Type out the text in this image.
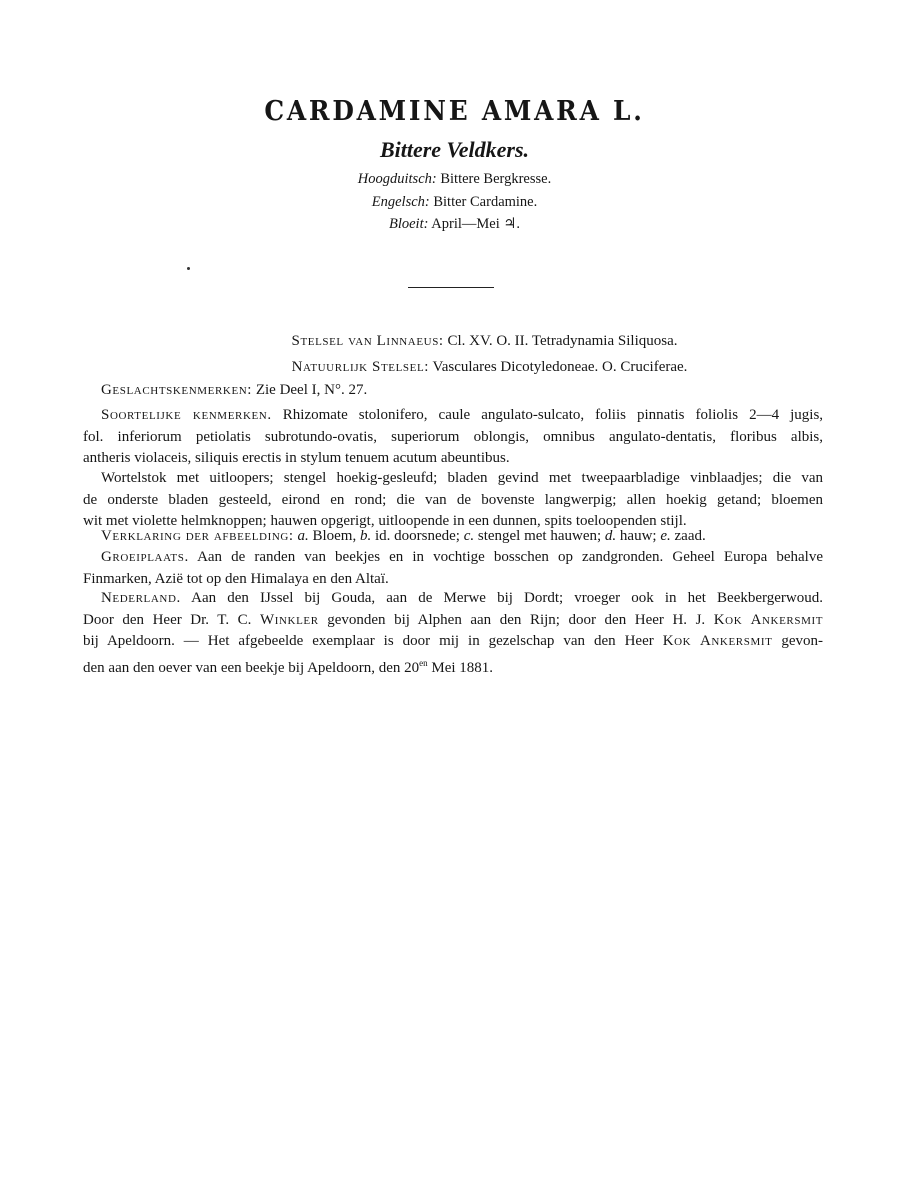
CARDAMINE AMARA L.
Bittere Veldkers.
Hoogduitsch: Bittere Bergkresse.
Engelsch: Bitter Cardamine.
Bloeit: April—Mei ♃.
Stelsel van Linnaeus: Cl. XV. O. II. Tetradynamia Siliquosa.
Natuurlijk Stelsel: Vasculares Dicotyledoneae. O. Cruciferae.
Geslachtskenmerken: Zie Deel I, N°. 27.
Soortelijke kenmerken. Rhizomate stolonifero, caule angulato-sulcato, foliis pinnatis foliolis 2—4 jugis,
fol. inferiorum petiolatis subrotundo-ovatis, superiorum oblongis, omnibus angulato-dentatis, floribus albis,
antheris violaceis, siliquis erectis in stylum tenuem acutum abeuntibus.
Wortelstok met uitloopers; stengel hoekig-gesleufd; bladen gevind met tweepaarbladige vinblaadjes; die van
de onderste bladen gesteeld, eirond en rond; die van de bovenste langwerpig; allen hoekig getand; bloemen
wit met violette helmknoppen; hauwen opgerigt, uitloopende in een dunnen, spits toeloopenden stijl.
Verklaring der afbeelding: a. Bloem, b. id. doorsnede; c. stengel met hauwen; d. hauw; e. zaad.
Groeiplaats. Aan de randen van beekjes en in vochtige bosschen op zandgronden. Geheel Europa behalve
Finmarken, Azië tot op den Himalaya en den Altaï.
Nederland. Aan den IJssel bij Gouda, aan de Merwe bij Dordt; vroeger ook in het Beekbergerwoud.
Door den Heer Dr. T. C. Winkler gevonden bij Alphen aan den Rijn; door den Heer H. J. Kok Ankersmit
bij Apeldoorn. — Het afgebeelde exemplaar is door mij in gezelschap van den Heer Kok Ankersmit gevon-
den aan den oever van een beekje bij Apeldoorn, den $20^{en}$ Mei 1881.
